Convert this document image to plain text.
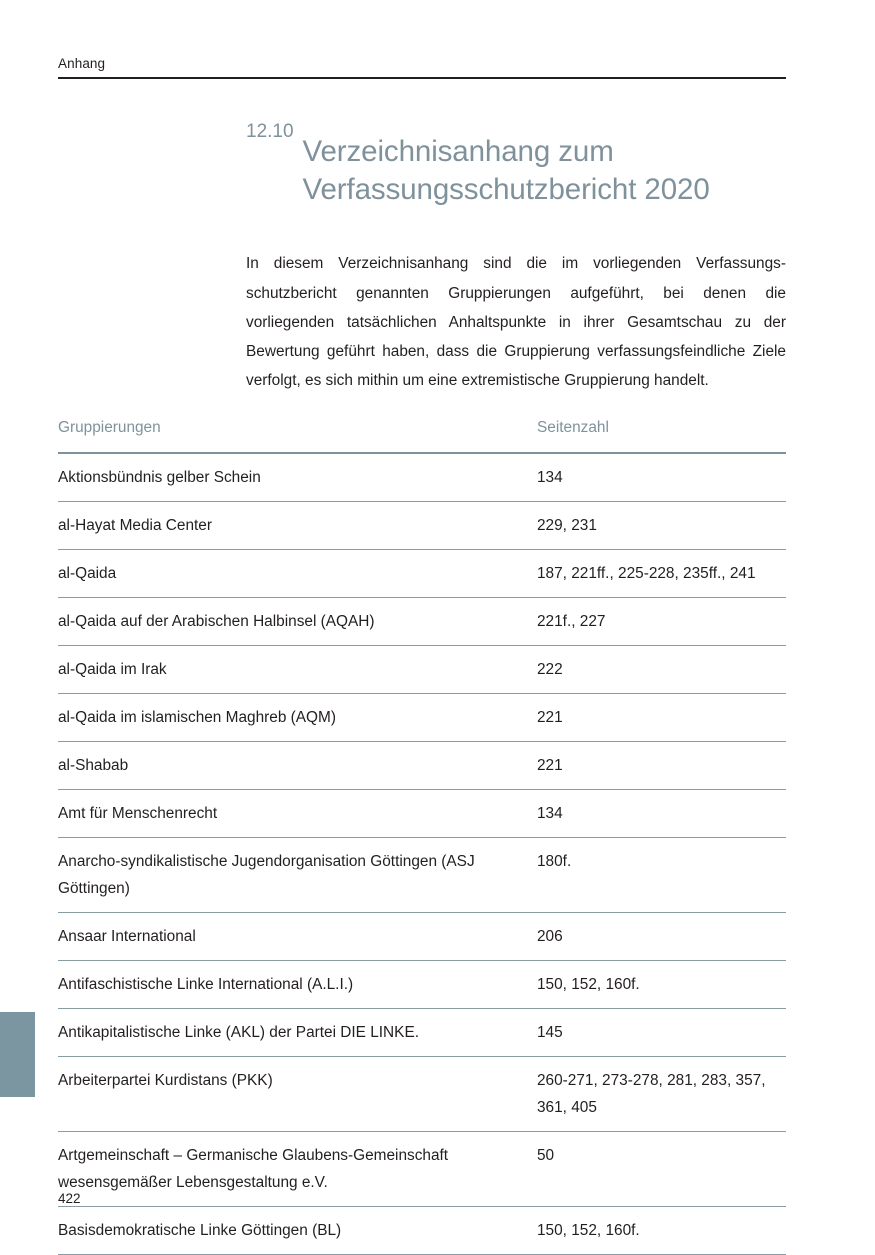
Anhang
12.10
Verzeichnisanhang zum
Verfassungsschutzbericht 2020

In diesem Verzeichnisanhang sind die im vorliegenden Verfassungsschutzbericht genannten Gruppierungen aufgeführt, bei denen die vorliegenden tatsächlichen Anhaltspunkte in ihrer Gesamtschau zu der Bewertung geführt haben, dass die Gruppierung verfassungsfeindliche Ziele verfolgt, es sich mithin um eine extremistische Gruppierung handelt.

Gruppierungen	Seitenzahl
Aktionsbündnis gelber Schein	134
al-Hayat Media Center	229, 231
al-Qaida	187, 221ff., 225-228, 235ff., 241
al-Qaida auf der Arabischen Halbinsel (AQAH)	221f., 227
al-Qaida im Irak	222
al-Qaida im islamischen Maghreb (AQM)	221
al-Shabab	221
Amt für Menschenrecht	134
Anarcho-syndikalistische Jugendorganisation Göttingen (ASJ Göttingen)	180f.
Ansaar International	206
Antifaschistische Linke International (A.L.I.)	150, 152, 160f.
Antikapitalistische Linke (AKL) der Partei DIE LINKE.	145
Arbeiterpartei Kurdistans (PKK)	260-271, 273-278, 281, 283, 357, 361, 405
Artgemeinschaft – Germanische Glaubens-Gemeinschaft wesensgemäßer Lebensgestaltung e.V.	50
Basisdemokratische Linke Göttingen (BL)	150, 152, 160f.
422
